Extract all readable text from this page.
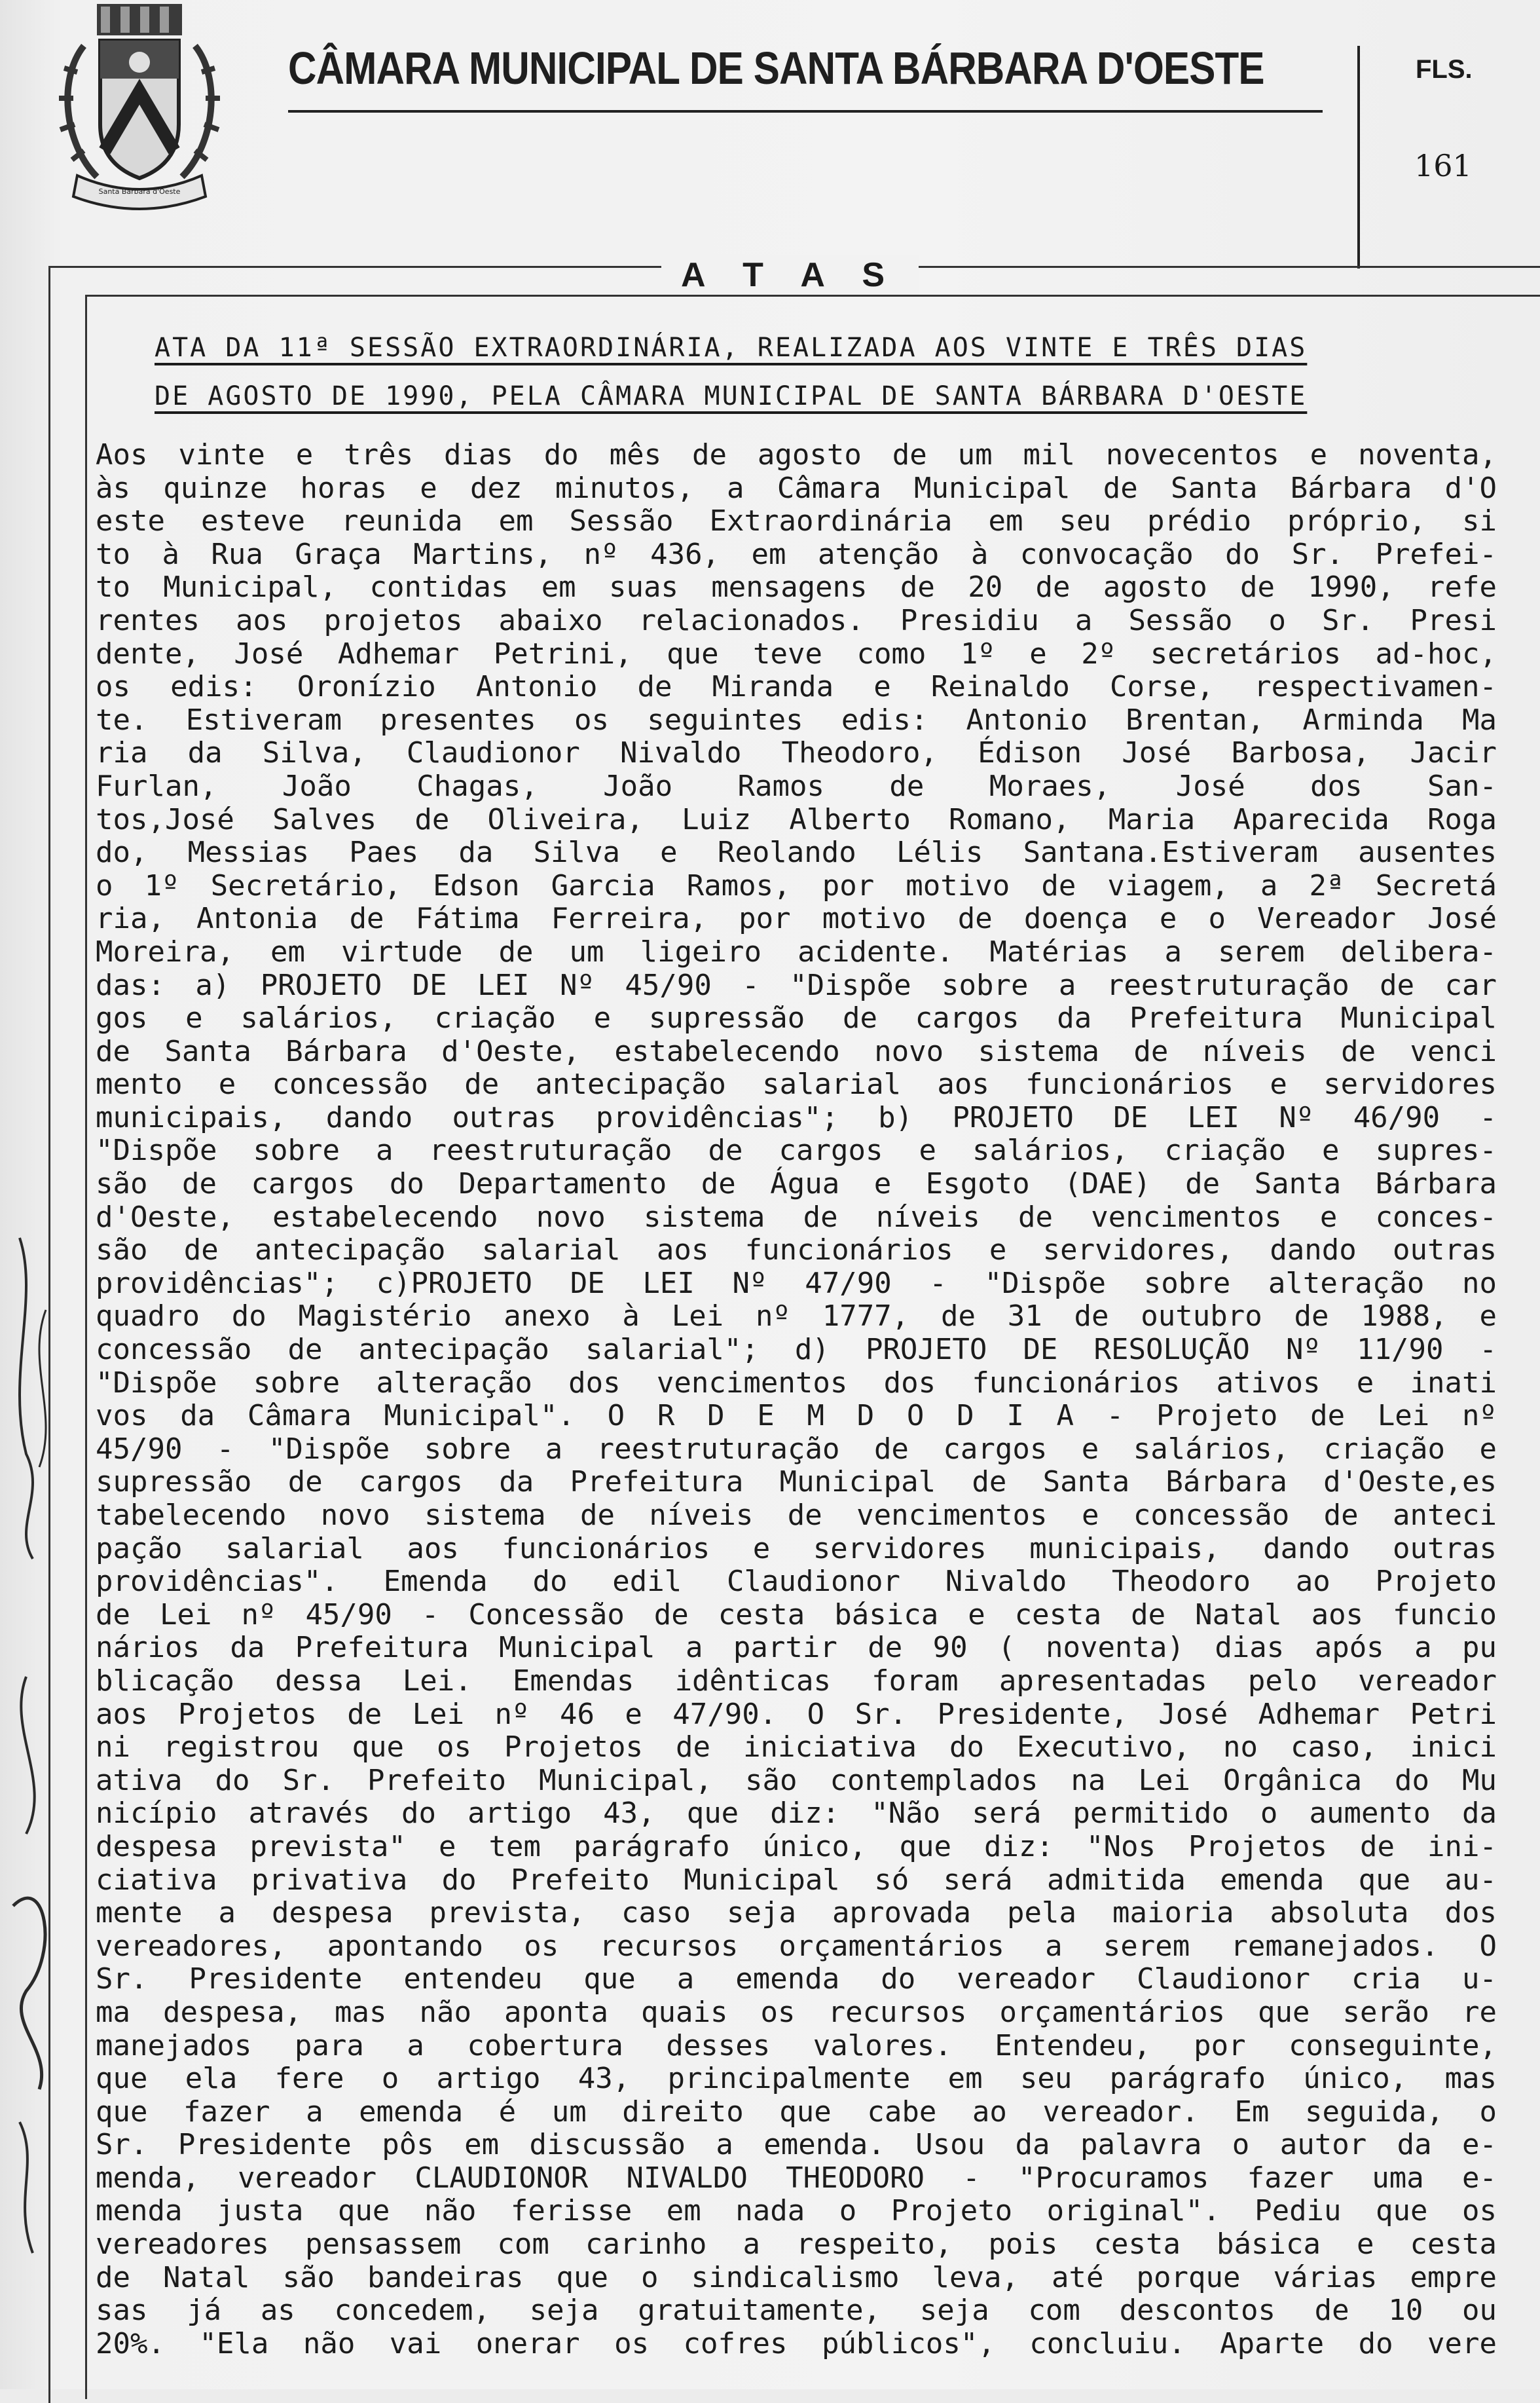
Santa Bárbara d'Oeste
CÂMARA MUNICIPAL DE SANTA BÁRBARA D'OESTE	FLS.
161
A T A S
ATA DA 11ª SESSÃO EXTRAORDINÁRIA, REALIZADA AOS VINTE E TRÊS DIAS
DE AGOSTO DE 1990, PELA CÂMARA MUNICIPAL DE SANTA BÁRBARA D'OESTE
Aos vinte e três dias do mês de agosto de um mil novecentos e noventa,
às quinze horas e dez minutos, a Câmara Municipal de Santa Bárbara d'O
este esteve reunida em Sessão Extraordinária em seu prédio próprio, si
to à Rua Graça Martins, nº 436, em atenção à convocação do Sr. Prefei-
to Municipal, contidas em suas mensagens de 20 de agosto de 1990, refe
rentes aos projetos abaixo relacionados. Presidiu a Sessão o Sr. Presi
dente, José Adhemar Petrini, que teve como 1º e 2º secretários ad-hoc,
os edis: Oronízio Antonio de Miranda e Reinaldo Corse, respectivamen-
te. Estiveram presentes os seguintes edis: Antonio Brentan, Arminda Ma
ria da Silva, Claudionor Nivaldo Theodoro, Édison José Barbosa, Jacir
Furlan, João Chagas, João Ramos de Moraes, José dos San-
tos,José Salves de Oliveira, Luiz Alberto Romano, Maria Aparecida Roga
do, Messias Paes da Silva e Reolando Lélis Santana.Estiveram ausentes
o 1º Secretário, Edson Garcia Ramos, por motivo de viagem, a 2ª Secretá
ria, Antonia de Fátima Ferreira, por motivo de doença e o Vereador José
Moreira, em virtude de um ligeiro acidente. Matérias a serem delibera-
das: a) PROJETO DE LEI Nº 45/90 - "Dispõe sobre a reestruturação de car
gos e salários, criação e supressão de cargos da Prefeitura Municipal
de Santa Bárbara d'Oeste, estabelecendo novo sistema de níveis de venci
mento e concessão de antecipação salarial aos funcionários e servidores
municipais, dando outras providências"; b) PROJETO DE LEI Nº 46/90 -
"Dispõe sobre a reestruturação de cargos e salários, criação e supres-
são de cargos do Departamento de Água e Esgoto (DAE) de Santa Bárbara
d'Oeste, estabelecendo novo sistema de níveis de vencimentos e conces-
são de antecipação salarial aos funcionários e servidores, dando outras
providências"; c)PROJETO DE LEI Nº 47/90 - "Dispõe sobre alteração no
quadro do Magistério anexo à Lei nº 1777, de 31 de outubro de 1988, e
concessão de antecipação salarial"; d) PROJETO DE RESOLUÇÃO Nº 11/90 -
"Dispõe sobre alteração dos vencimentos dos funcionários ativos e inati
vos da Câmara Municipal". O R D E M D O D I A - Projeto de Lei nº
45/90 - "Dispõe sobre a reestruturação de cargos e salários, criação e
supressão de cargos da Prefeitura Municipal de Santa Bárbara d'Oeste,es
tabelecendo novo sistema de níveis de vencimentos e concessão de anteci
pação salarial aos funcionários e servidores municipais, dando outras
providências". Emenda do edil Claudionor Nivaldo Theodoro ao Projeto
de Lei nº 45/90 - Concessão de cesta básica e cesta de Natal aos funcio
nários da Prefeitura Municipal a partir de 90 ( noventa) dias após a pu
blicação dessa Lei. Emendas idênticas foram apresentadas pelo vereador
aos Projetos de Lei nº 46 e 47/90. O Sr. Presidente, José Adhemar Petri
ni registrou que os Projetos de iniciativa do Executivo, no caso, inici
ativa do Sr. Prefeito Municipal, são contemplados na Lei Orgânica do Mu
nicípio através do artigo 43, que diz: "Não será permitido o aumento da
despesa prevista" e tem parágrafo único, que diz: "Nos Projetos de ini-
ciativa privativa do Prefeito Municipal só será admitida emenda que au-
mente a despesa prevista, caso seja aprovada pela maioria absoluta dos
vereadores, apontando os recursos orçamentários a serem remanejados. O
Sr. Presidente entendeu que a emenda do vereador Claudionor cria u-
ma despesa, mas não aponta quais os recursos orçamentários que serão re
manejados para a cobertura desses valores. Entendeu, por conseguinte,
que ela fere o artigo 43, principalmente em seu parágrafo único, mas
que fazer a emenda é um direito que cabe ao vereador. Em seguida, o
Sr. Presidente pôs em discussão a emenda. Usou da palavra o autor da e-
menda, vereador CLAUDIONOR NIVALDO THEODORO - "Procuramos fazer uma e-
menda justa que não ferisse em nada o Projeto original". Pediu que os
vereadores pensassem com carinho a respeito, pois cesta básica e cesta
de Natal são bandeiras que o sindicalismo leva, até porque várias empre
sas já as concedem, seja gratuitamente, seja com descontos de 10 ou
20%. "Ela não vai onerar os cofres públicos", concluiu. Aparte do vere
